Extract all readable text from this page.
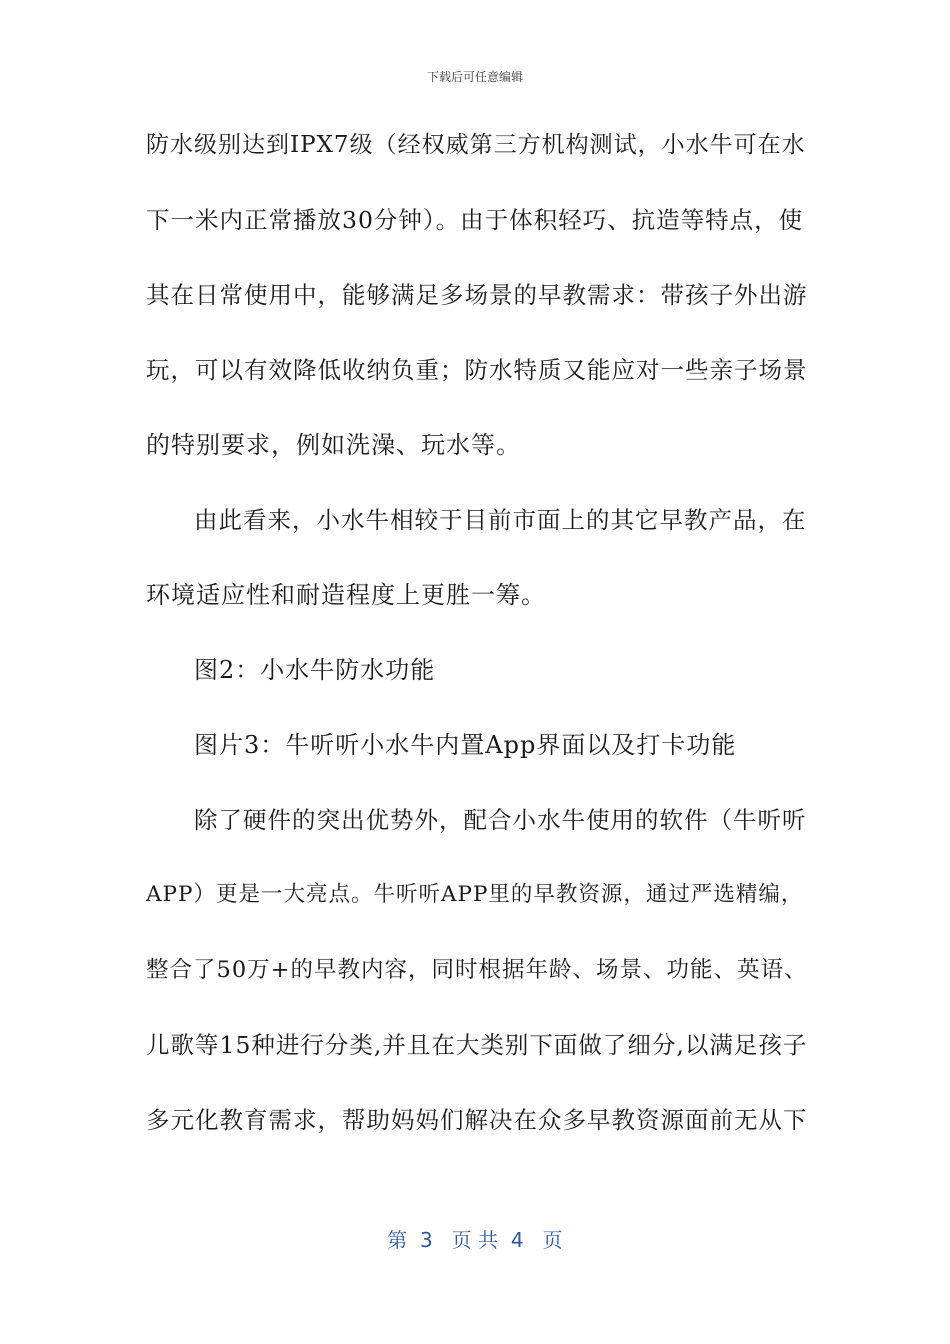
下载后可任意编辑
防水级别达到IPX7级（经权威第三方机构测试，小水牛可在水
下一米内正常播放30分钟）。由于体积轻巧、抗造等特点，使
其在日常使用中，能够满足多场景的早教需求：带孩子外出游
玩，可以有效降低收纳负重；防水特质又能应对一些亲子场景
的特别要求，例如洗澡、玩水等。
由此看来，小水牛相较于目前市面上的其它早教产品，在
环境适应性和耐造程度上更胜一筹。
图2：小水牛防水功能
图片3：牛听听小水牛内置App界面以及打卡功能
除了硬件的突出优势外，配合小水牛使用的软件（牛听听
APP）更是一大亮点。牛听听APP里的早教资源，通过严选精编，
整合了50万+的早教内容，同时根据年龄、场景、功能、英语、
儿歌等15种进行分类,并且在大类别下面做了细分,以满足孩子
多元化教育需求，帮助妈妈们解决在众多早教资源面前无从下
第  3   页 共  4   页
